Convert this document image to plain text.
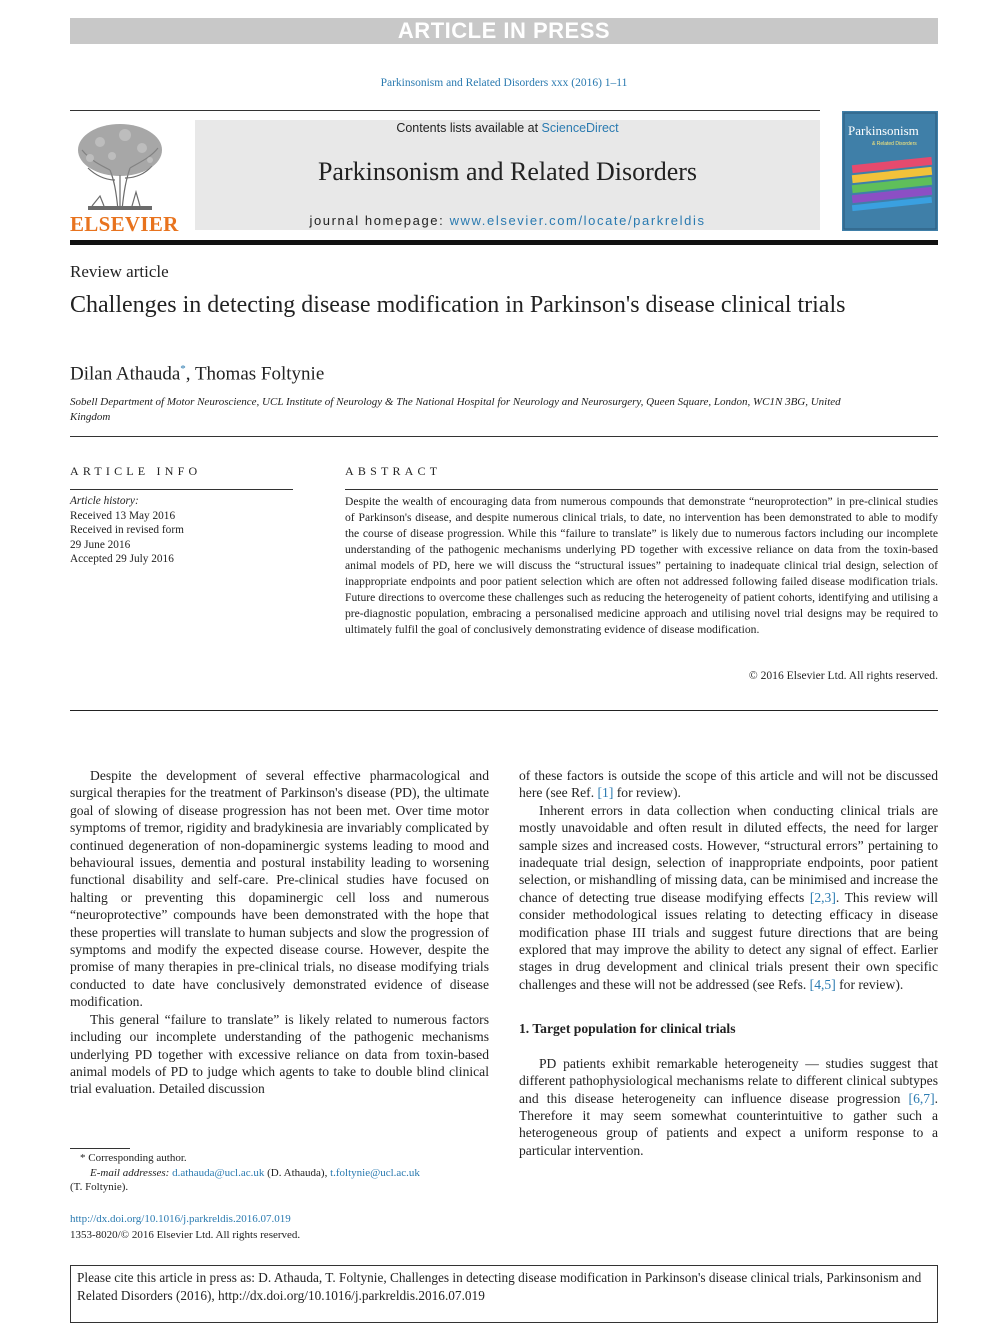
ARTICLE IN PRESS
Parkinsonism and Related Disorders xxx (2016) 1–11
ELSEVIER
Contents lists available at ScienceDirect
Parkinsonism and Related Disorders
journal homepage: www.elsevier.com/locate/parkreldis
Parkinsonism
& Related Disorders
Review article
Challenges in detecting disease modification in Parkinson's disease clinical trials
Dilan Athauda*, Thomas Foltynie
Sobell Department of Motor Neuroscience, UCL Institute of Neurology & The National Hospital for Neurology and Neurosurgery, Queen Square, London, WC1N 3BG, United Kingdom
ARTICLE INFO
Article history:
Received 13 May 2016
Received in revised form
29 June 2016
Accepted 29 July 2016
ABSTRACT
Despite the wealth of encouraging data from numerous compounds that demonstrate “neuroprotection” in pre-clinical studies of Parkinson's disease, and despite numerous clinical trials, to date, no intervention has been demonstrated to able to modify the course of disease progression. While this “failure to translate” is likely due to numerous factors including our incomplete understanding of the pathogenic mechanisms underlying PD together with excessive reliance on data from the toxin-based animal models of PD, here we will discuss the “structural issues” pertaining to inadequate clinical trial design, selection of inappropriate endpoints and poor patient selection which are often not addressed following failed disease modification trials. Future directions to overcome these challenges such as reducing the heterogeneity of patient cohorts, identifying and utilising a pre-diagnostic population, embracing a personalised medicine approach and utilising novel trial designs may be required to ultimately fulfil the goal of conclusively demonstrating evidence of disease modification.
© 2016 Elsevier Ltd. All rights reserved.

Despite the development of several effective pharmacological and surgical therapies for the treatment of Parkinson's disease (PD), the ultimate goal of slowing of disease progression has not been met. Over time motor symptoms of tremor, rigidity and bradykinesia are invariably complicated by continued degeneration of non-dopaminergic systems leading to mood and behavioural issues, dementia and postural instability leading to worsening functional disability and self-care. Pre-clinical studies have focused on halting or preventing this dopaminergic cell loss and numerous “neuroprotective” compounds have been demonstrated with the hope that these properties will translate to human subjects and slow the progression of symptoms and modify the expected disease course. However, despite the promise of many therapies in pre-clinical trials, no disease modifying trials conducted to date have conclusively demonstrated evidence of disease modification.

This general “failure to translate” is likely related to numerous factors including our incomplete understanding of the pathogenic mechanisms underlying PD together with excessive reliance on data from toxin-based animal models of PD to judge which agents to take to double blind clinical trial evaluation. Detailed discussion

of these factors is outside the scope of this article and will not be discussed here (see Ref. [1] for review).

Inherent errors in data collection when conducting clinical trials are mostly unavoidable and often result in diluted effects, the need for larger sample sizes and increased costs. However, “structural errors” pertaining to inadequate trial design, selection of inappropriate endpoints, poor patient selection, or mishandling of missing data, can be minimised and increase the chance of detecting true disease modifying effects [2,3]. This review will consider methodological issues relating to detecting efficacy in disease modification phase III trials and suggest future directions that are being explored that may improve the ability to detect any signal of effect. Earlier stages in drug development and clinical trials present their own specific challenges and these will not be addressed (see Refs. [4,5] for review).

1. Target population for clinical trials

PD patients exhibit remarkable heterogeneity — studies suggest that different pathophysiological mechanisms relate to different clinical subtypes and this disease heterogeneity can influence disease progression [6,7]. Therefore it may seem somewhat counterintuitive to gather such a heterogeneous group of patients and expect a uniform response to a particular intervention.

* Corresponding author.
E-mail addresses: d.athauda@ucl.ac.uk (D. Athauda), t.foltynie@ucl.ac.uk
(T. Foltynie).
http://dx.doi.org/10.1016/j.parkreldis.2016.07.019
1353-8020/© 2016 Elsevier Ltd. All rights reserved.
Please cite this article in press as: D. Athauda, T. Foltynie, Challenges in detecting disease modification in Parkinson's disease clinical trials, Parkinsonism and Related Disorders (2016), http://dx.doi.org/10.1016/j.parkreldis.2016.07.019
